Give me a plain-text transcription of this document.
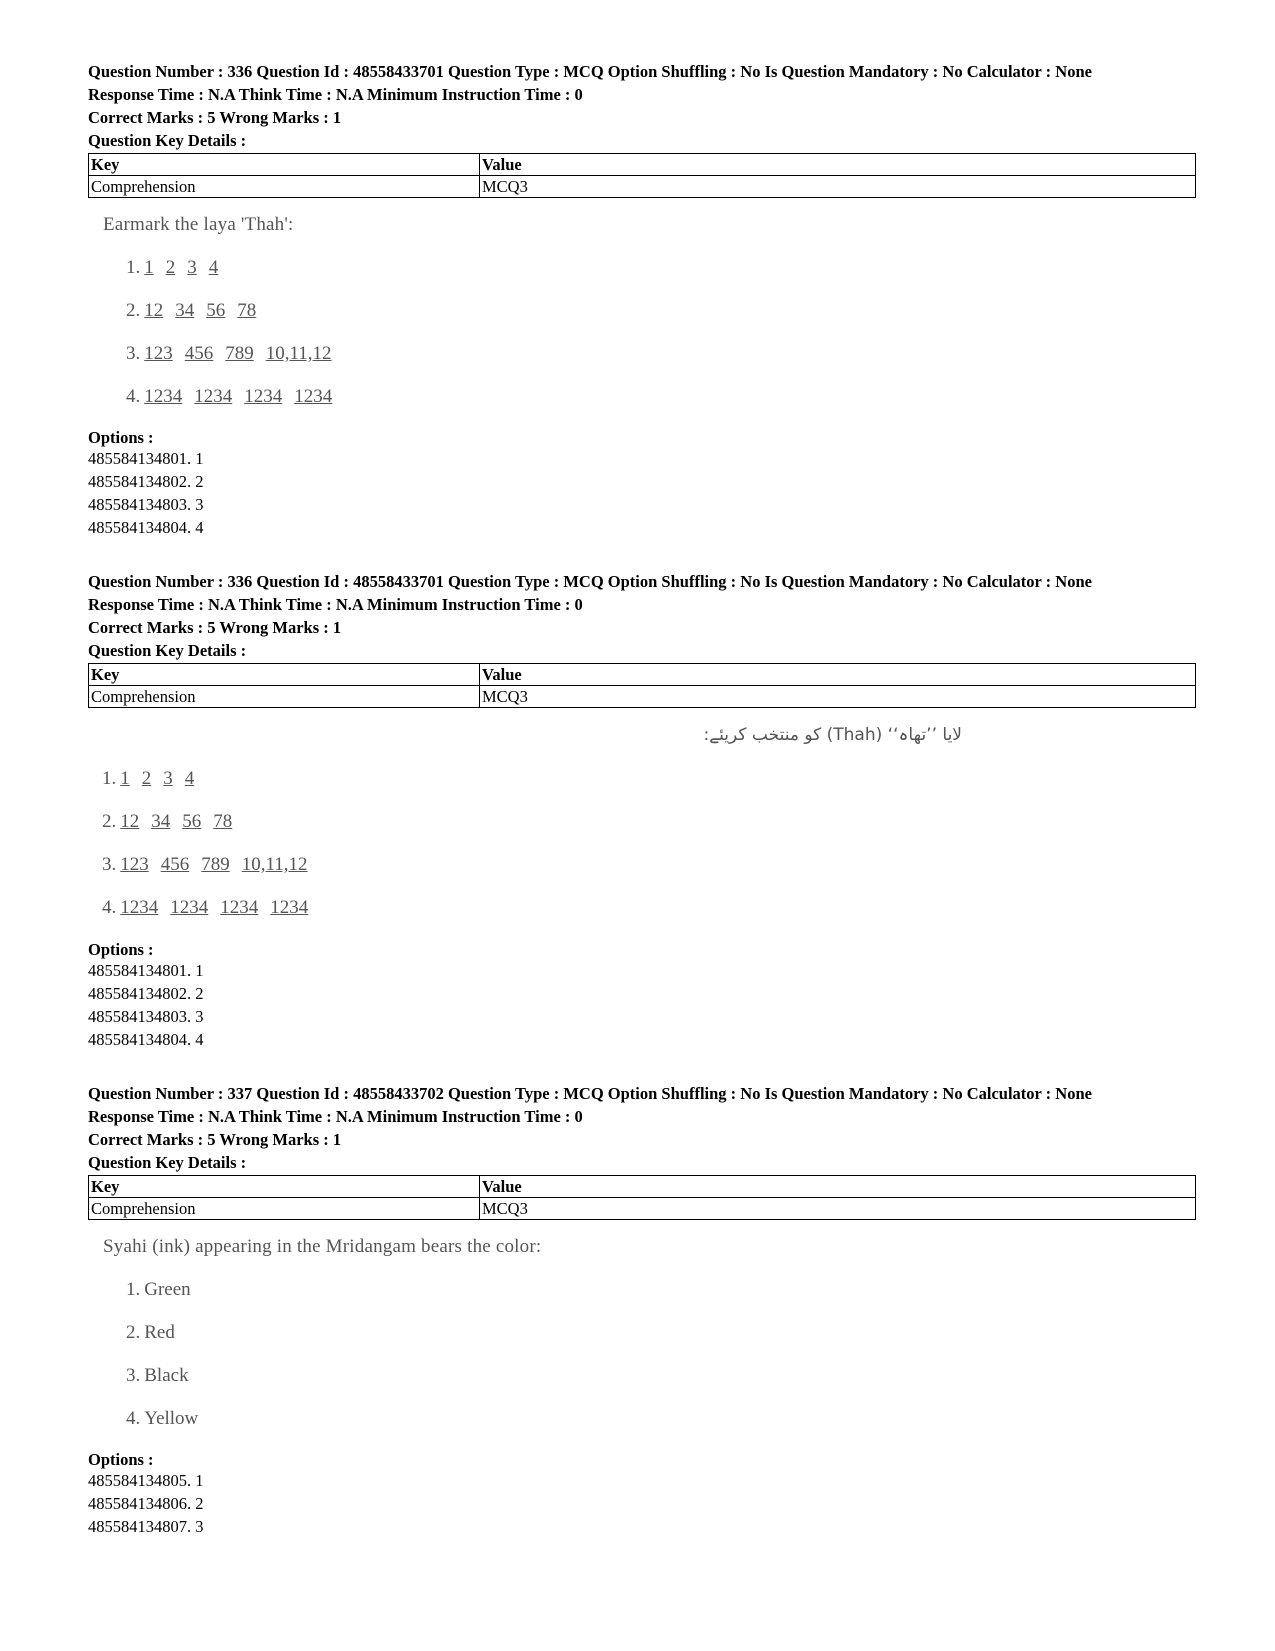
Question Number : 336 Question Id : 48558433701 Question Type : MCQ Option Shuffling : No Is Question Mandatory : No Calculator : None
Response Time : N.A Think Time : N.A Minimum Instruction Time : 0
Correct Marks : 5 Wrong Marks : 1
Question Key Details :
Key	Value
Comprehension	MCQ3
Earmark the laya 'Thah':
1. 1 2 3 4
2. 12 34 56 78
3. 123 456 789 10,11,12
4. 1234 1234 1234 1234
Options :
485584134801. 1
485584134802. 2
485584134803. 3
485584134804. 4
Question Number : 336 Question Id : 48558433701 Question Type : MCQ Option Shuffling : No Is Question Mandatory : No Calculator : None
Response Time : N.A Think Time : N.A Minimum Instruction Time : 0
Correct Marks : 5 Wrong Marks : 1
Question Key Details :
Key	Value
Comprehension	MCQ3
لایا ’’تھاہ‘‘ (Thah) کو منتخب کریئے:
1. 1 2 3 4
2. 12 34 56 78
3. 123 456 789 10,11,12
4. 1234 1234 1234 1234
Options :
485584134801. 1
485584134802. 2
485584134803. 3
485584134804. 4
Question Number : 337 Question Id : 48558433702 Question Type : MCQ Option Shuffling : No Is Question Mandatory : No Calculator : None
Response Time : N.A Think Time : N.A Minimum Instruction Time : 0
Correct Marks : 5 Wrong Marks : 1
Question Key Details :
Key	Value
Comprehension	MCQ3
Syahi (ink) appearing in the Mridangam bears the color:
1. Green
2. Red
3. Black
4. Yellow
Options :
485584134805. 1
485584134806. 2
485584134807. 3
